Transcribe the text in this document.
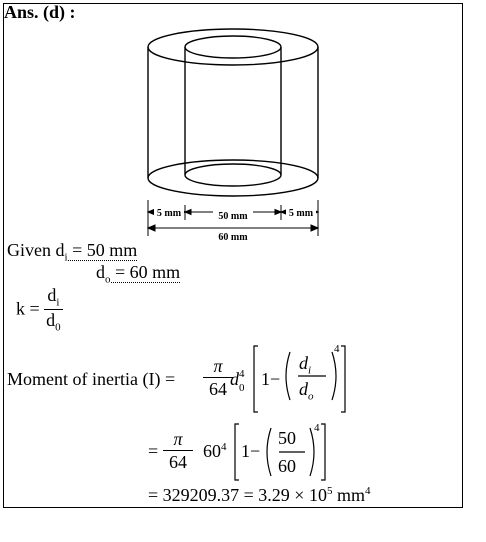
Ans. (d) :
5 mm	50 mm	5 mm
60 mm
Given $d_i = 50$ mm
$d_o = 60$ mm
$k = \frac{d_i}{d_0}$
Moment of inertia (I) =
π
64 d 4
0 1−
$d_i$
$d_o$
4
=
π
64
$60^4$ 1−
50
60
4
= $329209.37 = 3.29 \times 10^5$ $mm^4$
